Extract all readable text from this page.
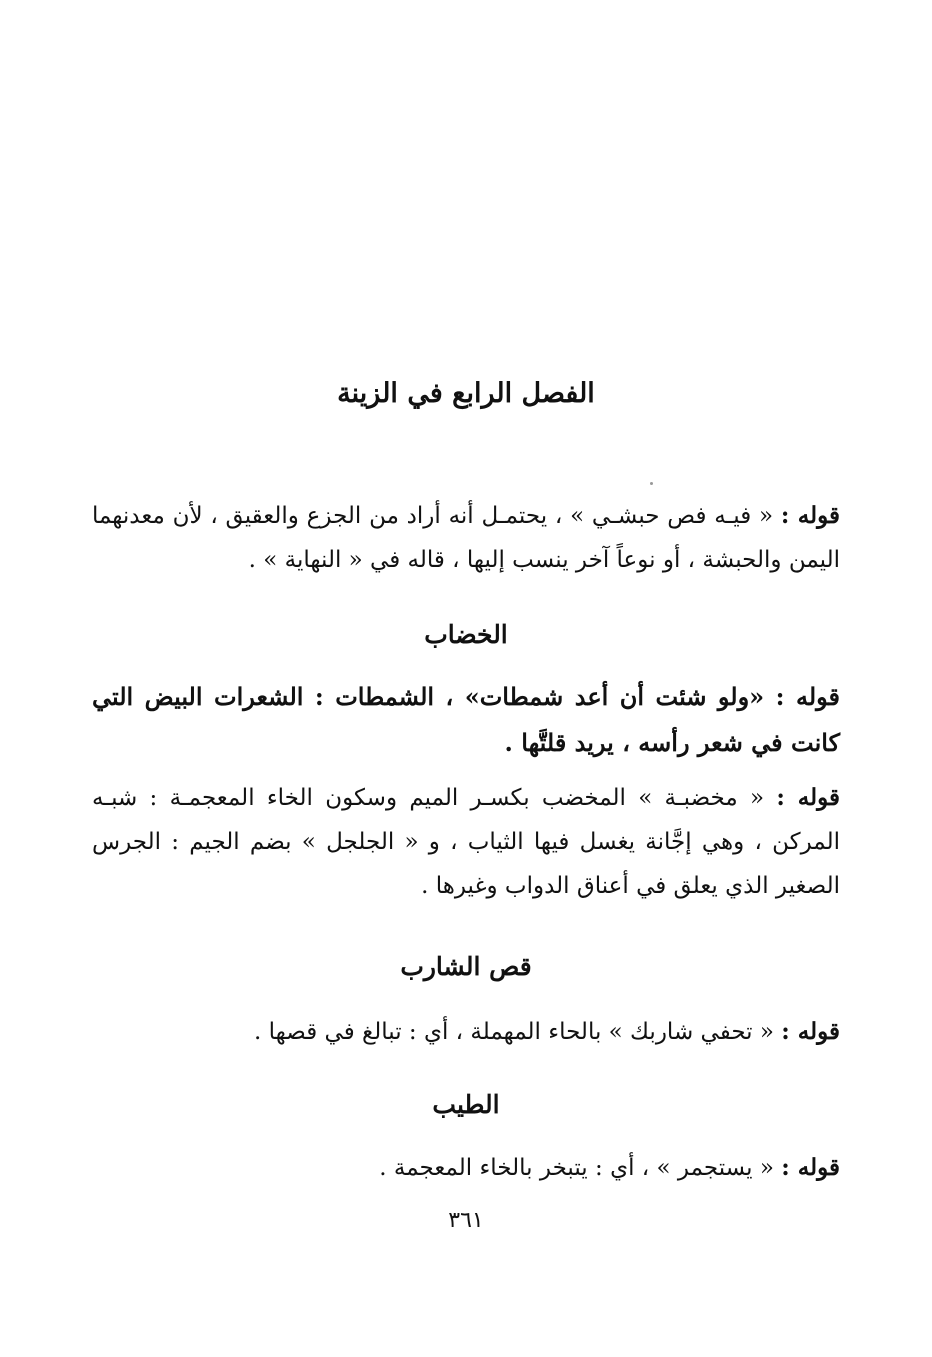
الفصل الرابع في الزينة
قوله : « فيـه فص حبشـي » ، يحتمـل أنه أراد من الجزع والعقيق ، لأن معدنهما اليمن والحبشة ، أو نوعاً آخر ينسب إليها ، قاله في « النهاية » .
الخضاب
قوله : «ولو شئت أن أعد شمطات» ، الشمطات : الشعرات البيض التي كانت في شعر رأسه ، يريد قلتَّها .
قوله : « مخضبـة » المخضب بكسـر الميم وسكون الخاء المعجمـة : شبـه المركن ، وهي إجَّانة يغسل فيها الثياب ، و « الجلجل » بضم الجيم : الجرس الصغير الذي يعلق في أعناق الدواب وغيرها .
قص الشارب
قوله : « تحفي شاربك » بالحاء المهملة ، أي : تبالغ في قصها .
الطيب
قوله : « يستجمر » ، أي : يتبخر بالخاء المعجمة .
٣٦١
